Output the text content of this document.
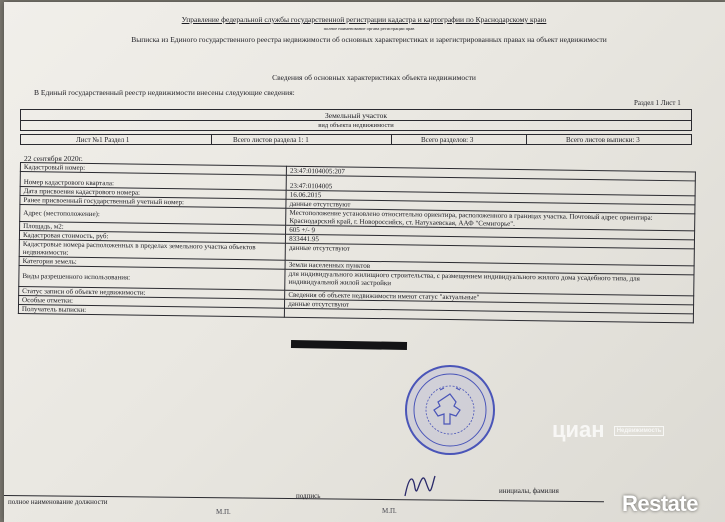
Управление федеральной службы государственной регистрации кадастра и картографии по Краснодарскому краю
полное наименование органа регистрации прав
Выписка из Единого государственного реестра недвижимости об основных характеристиках и зарегистрированных правах на объект недвижимости
Сведения об основных характеристиках объекта недвижимости
В Единый государственный реестр недвижимости внесены следующие сведения:
Раздел 1 Лист 1
Земельный участок
вид объекта недвижимости
Лист №1 Раздел 1	Всего листов раздела 1: 1	Всего разделов: 3	Всего листов выписки: 3
22 сентября 2020г.
Кадастровый номер:	23:47:0104005:207
Номер кадастрового квартала:	23:47:0104005
Дата присвоения кадастрового номера:	16.06.2015
Ранее присвоенный государственный учетный номер:	данные отсутствуют
Адрес (местоположение):	Местоположение установлено относительно ориентира, расположенного в границах участка. Почтовый адрес ориентира: Краснодарский край, г. Новороссийск, ст. Натухаевская, ААФ "Семигорье".
Площадь, м2:	605 +/- 9
Кадастровая стоимость, руб:	833441.95
Кадастровые номера расположенных в пределах земельного участка объектов недвижимости:	данные отсутствуют
Категория земель:	Земли населенных пунктов
Виды разрешенного использования:	для индивидуального жилищного строительства, с размещением индивидуального жилого дома усадебного типа, для индивидуальной жилой застройки
Статус записи об объекте недвижимости:	Сведения об объекте недвижимости имеют статус "актуальные"
Особые отметки:	данные отсутствуют
Получатель выписки:	
циан Недвижимость
полное наименование должности
подпись
инициалы, фамилия
М.П.	М.П.	Restate
